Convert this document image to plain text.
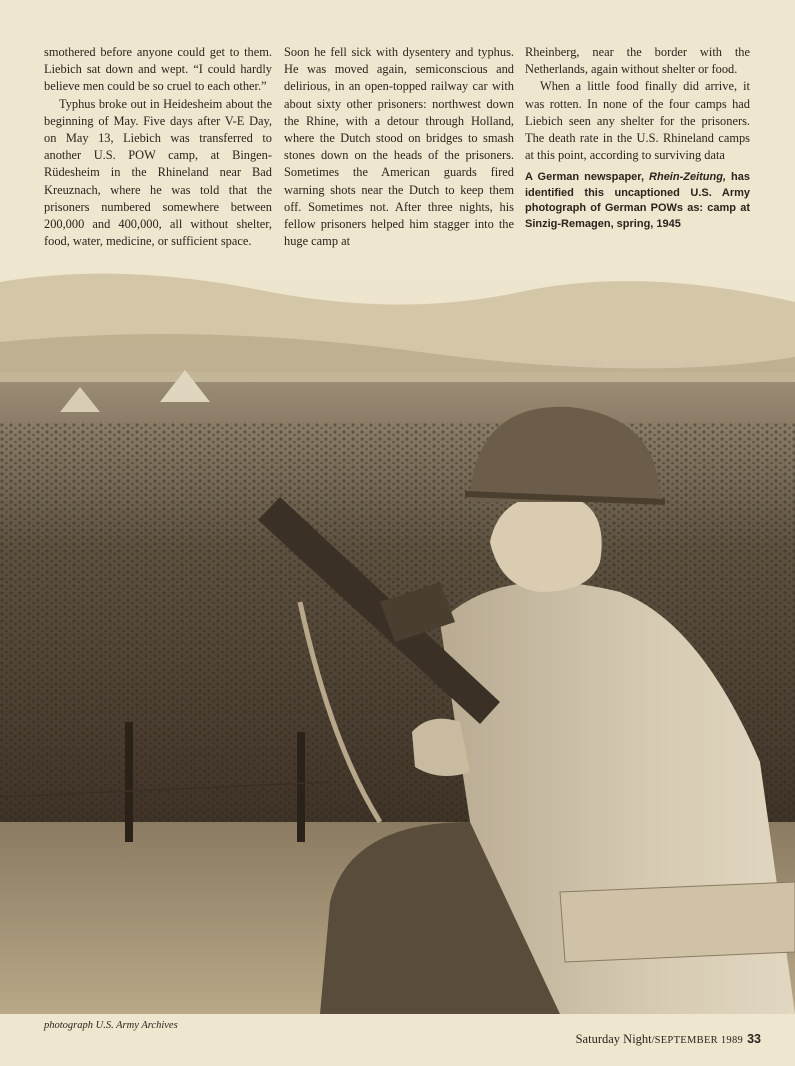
smothered before anyone could get to them. Liebich sat down and wept. “I could hardly believe men could be so cruel to each other.”

Typhus broke out in Heidesheim about the beginning of May. Five days after V-E Day, on May 13, Liebich was transferred to another U.S. POW camp, at Bingen-Rüdesheim in the Rhineland near Bad Kreuznach, where he was told that the prisoners numbered somewhere between 200,000 and 400,000, all without shelter, food, water, medicine, or sufficient space.

Soon he fell sick with dysentery and typhus. He was moved again, semiconscious and delirious, in an open-topped railway car with about sixty other prisoners: northwest down the Rhine, with a detour through Holland, where the Dutch stood on bridges to smash stones down on the heads of the prisoners. Sometimes the American guards fired warning shots near the Dutch to keep them off. Sometimes not. After three nights, his fellow prisoners helped him stagger into the huge camp at

Rheinberg, near the border with the Netherlands, again without shelter or food.

When a little food finally did arrive, it was rotten. In none of the four camps had Liebich seen any shelter for the prisoners. The death rate in the U.S. Rhineland camps at this point, according to surviving data

A German newspaper, Rhein-Zeitung, has identified this uncaptioned U.S. Army photograph of German POWs as: camp at Sinzig-Remagen, spring, 1945
photograph U.S. Army Archives
Saturday Night/SEPTEMBER 1989 33
